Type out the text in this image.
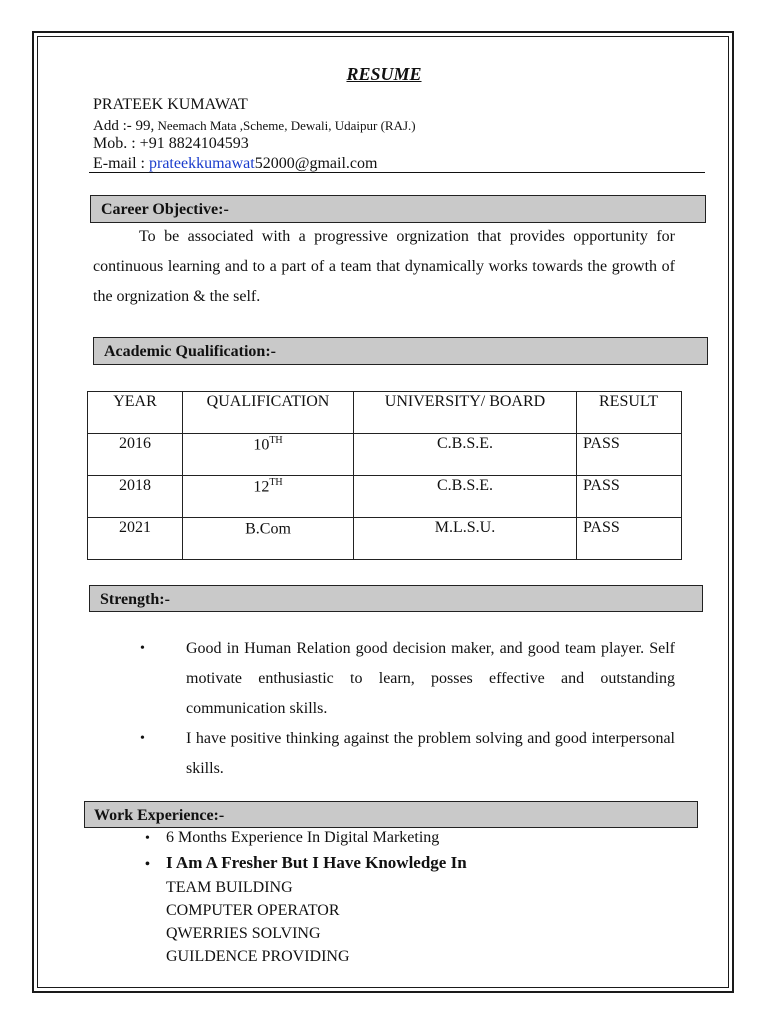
RESUME
PRATEEK KUMAWAT
Add :- 99, Neemach Mata ,Scheme, Dewali, Udaipur (RAJ.)
Mob. : +91 8824104593
E-mail : prateekkumawat52000@gmail.com
Career Objective:-
To be associated with a progressive orgnization that provides opportunity for continuous learning and to a part of a team that dynamically works towards the growth of the orgnization & the self.
Academic Qualification:-
YEAR	QUALIFICATION	UNIVERSITY/ BOARD	RESULT
2016	10TH	C.B.S.E.	PASS
2018	12TH	C.B.S.E.	PASS
2021	B.Com	M.L.S.U.	PASS
Strength:-
•	Good in Human Relation good decision maker, and good team player. Self motivate enthusiastic to learn, posses effective and outstanding communication skills.
•	I have positive thinking against the problem solving and good interpersonal skills.
Work Experience:-
• 6 Months Experience In Digital Marketing
• I Am A Fresher But I Have Knowledge In
TEAM BUILDING
COMPUTER OPERATOR
QWERRIES SOLVING
GUILDENCE PROVIDING
